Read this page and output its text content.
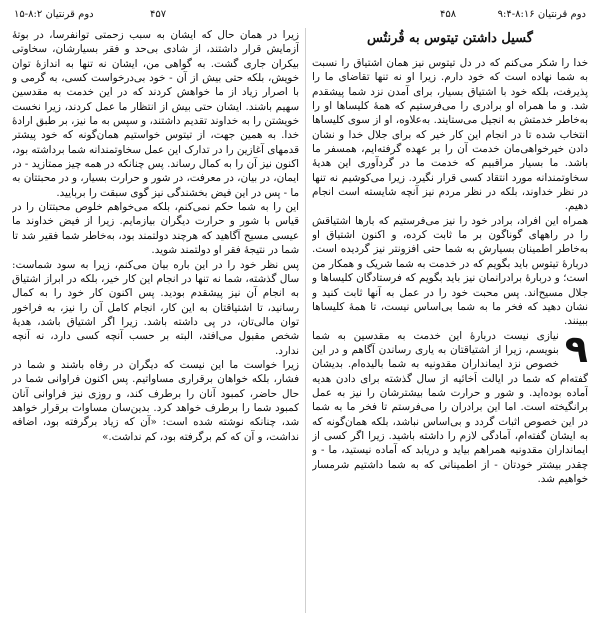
دوم قرنتیان ۸:۲-۱۵	۴۵۷	۴۵۸	دوم قرنتیان ۸:۱۶-۹:۴

زیرا در همان حال که ایشان به سبب زحمتی توانفرسا، در بوتهٔ آزمایش قرار داشتند، از شادی بی‌حد و فقر بسیارشان، سخاوتی بیکران جاری گشت. به گواهی من، ایشان نه تنها به اندازهٔ توان خویش، بلکه حتی بیش از آن - خود بی‌درخواست کسی، به گرمی و با اصرار زیاد از ما خواهش کردند که در این خدمت به مقدسین سهیم باشند. ایشان حتی بیش از انتظار ما عمل کردند، زیرا نخست خویشتن را به خداوند تقدیم داشتند، و سپس به ما نیز، بر طبق ارادهٔ خدا. به همین جهت، از تیتوس خواستیم همان‌گونه که خود پیشتر قدمهای آغازین را در تدارک این عمل سخاوتمندانه شما برداشته بود، اکنون نیز آن را به کمال رساند. پس چنانکه در همه چیز ممتازید - در ایمان، در بیان، در معرفت، در شور و حرارت بسیار، و در محبتتان به ما - پس در این فیض بخشندگی نیز گوی سبقت را بربایید.

این را به شما حکم نمی‌کنم، بلکه می‌خواهم خلوص محبتتان را در قیاس با شور و حرارت دیگران بیازمایم. زیرا از فیض خداوند ما عیسی مسیح آگاهید که هرچند دولتمند بود، به‌خاطر شما فقیر شد تا شما در نتیجهٔ فقر او دولتمند شوید.

پس نظر خود را در این باره بیان می‌کنم، زیرا به سود شماست: سال گذشته، شما نه تنها در انجام این کار خیر، بلکه در ابراز اشتیاق به انجام آن نیز پیشقدم بودید. پس اکنون کار خود را به کمال رسانید، تا اشتیاقتان به این کار، انجام کامل آن را نیز، به فراخور توان مالی‌تان، در پی داشته باشد. زیرا اگر اشتیاق باشد، هدیهٔ شخص مقبول می‌افتد، البته بر حسب آنچه کسی دارد، نه آنچه ندارد.

زیرا خواست ما این نیست که دیگران در رفاه باشند و شما در فشار، بلکه خواهان برقراری مساواتیم. پس اکنون فراوانی شما در حال حاضر، کمبود آنان را برطرف کند، و روزی نیز فراوانی آنان کمبود شما را برطرف خواهد کرد. بدین‌سان مساوات برقرار خواهد شد، چنانکه نوشته شده است: «آن که زیاد برگرفته بود، اضافه نداشت، و آن که کم برگرفته بود، کم نداشت.»

گسیل داشتن تیتوس به قُرنتُس

خدا را شکر می‌کنم که در دل تیتوس نیز همان اشتیاق را نسبت به شما نهاده است که خود دارم. زیرا او نه تنها تقاضای ما را پذیرفت، بلکه خود با اشتیاق بسیار، برای آمدن نزد شما پیشقدم شد. و ما همراه او برادری را می‌فرستیم که همهٔ کلیساها او را به‌خاطر خدمتش به انجیل می‌ستایند. به‌علاوه، او از سوی کلیساها انتخاب شده تا در انجام این کار خیر که برای جلال خدا و نشان دادن خیرخواهی‌مان خدمت آن را بر عهده گرفته‌ایم، همسفر ما باشد. ما بسیار مراقبیم که خدمت ما در گردآوری این هدیهٔ سخاوتمندانه مورد انتقاد کسی قرار نگیرد. زیرا می‌کوشیم نه تنها در نظر خداوند، بلکه در نظر مردم نیز آنچه شایسته است انجام دهیم.

همراه این افراد، برادر خود را نیز می‌فرستیم که بارها اشتیاقش را در راههای گوناگون بر ما ثابت کرده، و اکنون اشتیاق او به‌خاطر اطمینان بسیارش به شما حتی افزونتر نیز گردیده است. دربارهٔ تیتوس باید بگویم که در خدمت به شما شریک و همکار من است؛ و دربارهٔ برادرانمان نیز باید بگویم که فرستادگان کلیساها و جلال مسیح‌اند. پس محبت خود را در عمل به آنها ثابت کنید و نشان دهید که فخر ما به شما بی‌اساس نیست، تا همهٔ کلیساها ببینند.

۹
نیازی نیست دربارهٔ این خدمت به مقدسین به شما بنویسم، زیرا از اشتیاقتان به یاری رساندن آگاهم و در این خصوص نزد ایمانداران مقدونیه به شما بالیده‌ام. بدیشان گفته‌ام که شما در ایالت اَخائیه از سال گذشته برای دادن هدیه آماده بوده‌اید. و شور و حرارت شما بیشترشان را نیز به عمل برانگیخته است. اما این برادران را می‌فرستم تا فخر ما به شما در این خصوص اثبات گردد و بی‌اساس نباشد، بلکه همان‌گونه که به ایشان گفته‌ام، آمادگی لازم را داشته باشید. زیرا اگر کسی از ایمانداران مقدونیه همراهم بیاید و دریابد که آماده نیستید، ما - و چقدر بیشتر خودتان - از اطمینانی که به شما داشتیم شرمسار خواهیم شد.
